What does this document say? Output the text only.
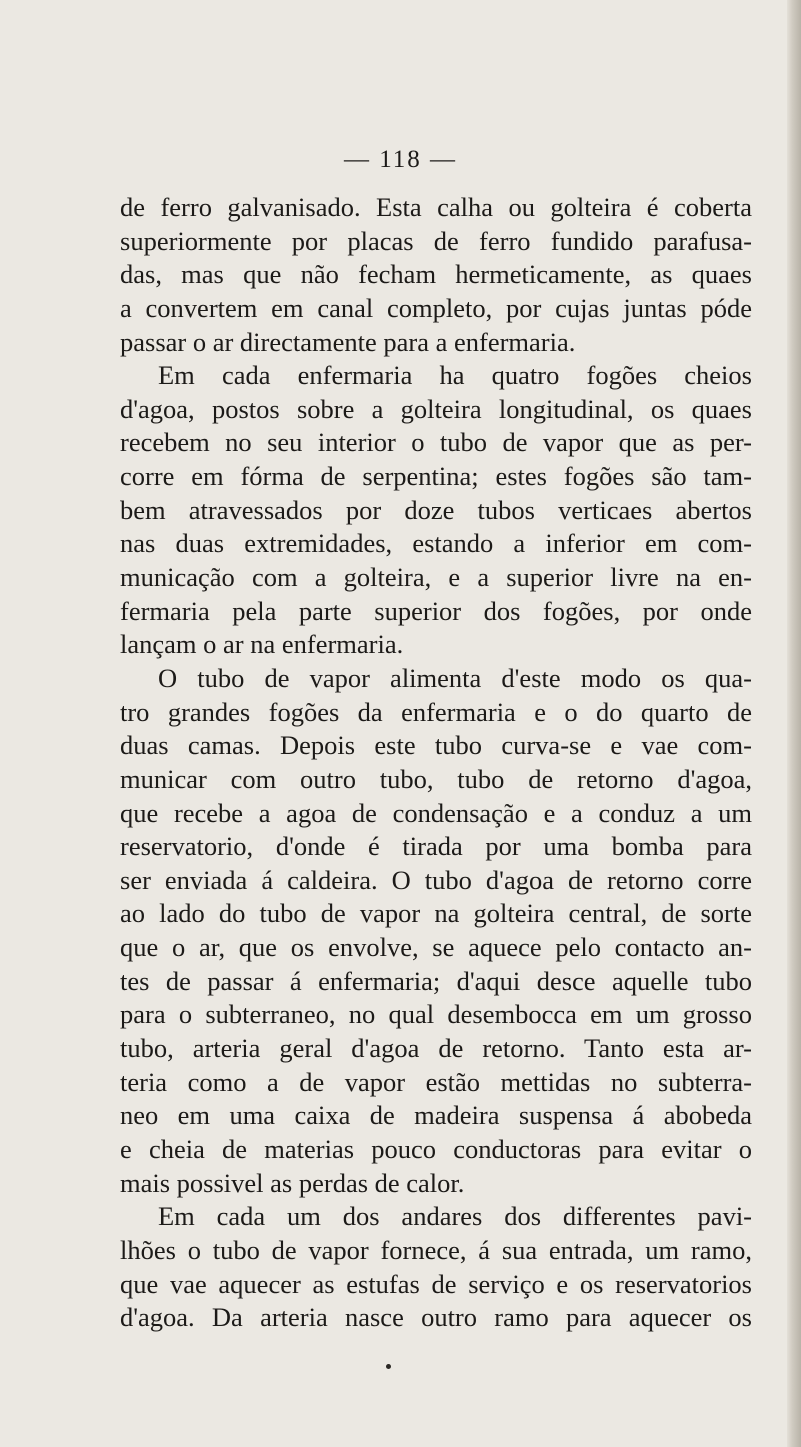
— 118 —

de ferro galvanisado. Esta calha ou golteira é coberta
superiormente por placas de ferro fundido parafusa-
das, mas que não fecham hermeticamente, as quaes
a convertem em canal completo, por cujas juntas póde
passar o ar directamente para a enfermaria.
Em cada enfermaria ha quatro fogões cheios
d'agoa, postos sobre a golteira longitudinal, os quaes
recebem no seu interior o tubo de vapor que as per-
corre em fórma de serpentina; estes fogões são tam-
bem atravessados por doze tubos verticaes abertos
nas duas extremidades, estando a inferior em com-
municação com a golteira, e a superior livre na en-
fermaria pela parte superior dos fogões, por onde
lançam o ar na enfermaria.
O tubo de vapor alimenta d'este modo os qua-
tro grandes fogões da enfermaria e o do quarto de
duas camas. Depois este tubo curva-se e vae com-
municar com outro tubo, tubo de retorno d'agoa,
que recebe a agoa de condensação e a conduz a um
reservatorio, d'onde é tirada por uma bomba para
ser enviada á caldeira. O tubo d'agoa de retorno corre
ao lado do tubo de vapor na golteira central, de sorte
que o ar, que os envolve, se aquece pelo contacto an-
tes de passar á enfermaria; d'aqui desce aquelle tubo
para o subterraneo, no qual desembocca em um grosso
tubo, arteria geral d'agoa de retorno. Tanto esta ar-
teria como a de vapor estão mettidas no subterra-
neo em uma caixa de madeira suspensa á abobeda
e cheia de materias pouco conductoras para evitar o
mais possivel as perdas de calor.
Em cada um dos andares dos differentes pavi-
lhões o tubo de vapor fornece, á sua entrada, um ramo,
que vae aquecer as estufas de serviço e os reservatorios
d'agoa. Da arteria nasce outro ramo para aquecer os
